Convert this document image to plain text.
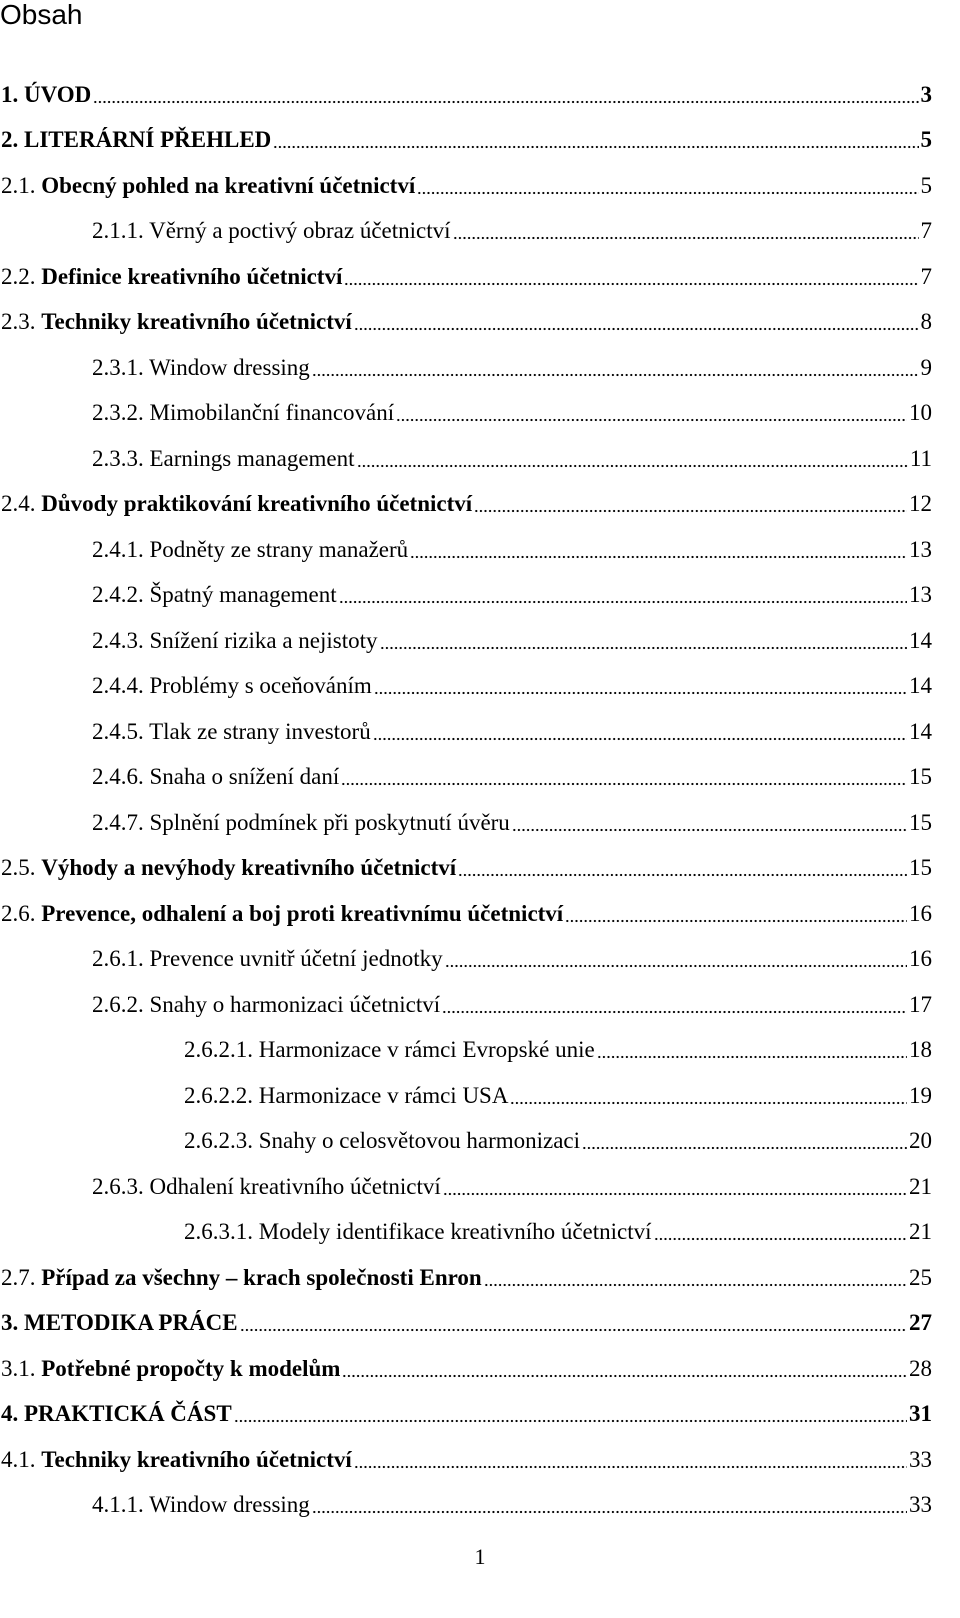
Obsah
1. ÚVOD	3
2. LITERÁRNÍ PŘEHLED	5
2.1. Obecný pohled na kreativní účetnictví	5
2.1.1. Věrný a poctivý obraz účetnictví	7
2.2. Definice kreativního účetnictví	7
2.3. Techniky kreativního účetnictví	8
2.3.1. Window dressing	9
2.3.2. Mimobilanční financování	10
2.3.3. Earnings management	11
2.4. Důvody praktikování kreativního účetnictví	12
2.4.1. Podněty ze strany manažerů	13
2.4.2. Špatný management	13
2.4.3. Snížení rizika a nejistoty	14
2.4.4. Problémy s oceňováním	14
2.4.5. Tlak ze strany investorů	14
2.4.6. Snaha o snížení daní	15
2.4.7. Splnění podmínek při poskytnutí úvěru	15
2.5. Výhody a nevýhody kreativního účetnictví	15
2.6. Prevence, odhalení a boj proti kreativnímu účetnictví	16
2.6.1. Prevence uvnitř účetní jednotky	16
2.6.2. Snahy o harmonizaci účetnictví	17
2.6.2.1. Harmonizace v rámci Evropské unie	18
2.6.2.2. Harmonizace v rámci USA	19
2.6.2.3. Snahy o celosvětovou harmonizaci	20
2.6.3. Odhalení kreativního účetnictví	21
2.6.3.1. Modely identifikace kreativního účetnictví	21
2.7. Případ za všechny – krach společnosti Enron	25
3. METODIKA PRÁCE	27
3.1. Potřebné propočty k modelům	28
4. PRAKTICKÁ ČÁST	31
4.1. Techniky kreativního účetnictví	33
4.1.1. Window dressing	33
1
